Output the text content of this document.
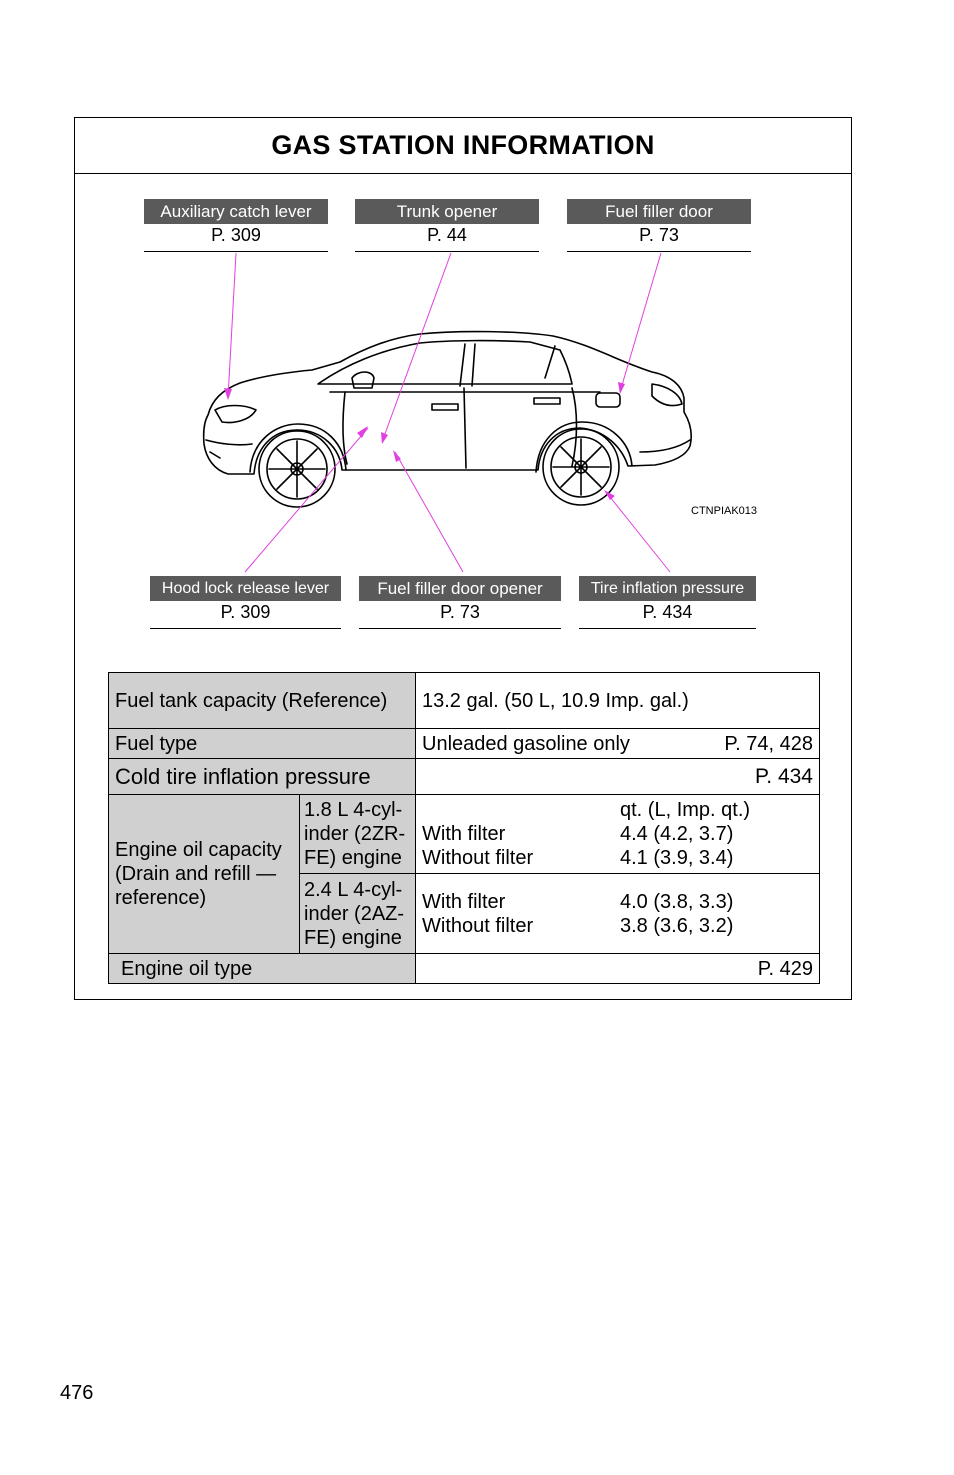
GAS STATION INFORMATION
Auxiliary catch lever
P. 309
Trunk opener
P. 44
Fuel filler door
P. 73
CTNPIAK013
Hood lock release lever
P. 309
Fuel filler door opener
P. 73
Tire inflation pressure
P. 434
Fuel tank capacity (Reference)		13.2 gal. (50 L, 10.9 Imp. gal.)
Fuel type		Unleaded gasoline only P. 74, 428

Cold tire inflation pressure		P. 434
Engine oil capacity (Drain and refill — reference)	1.8 L 4-cyl- inder (2ZR- FE) engine	qt. (L, Imp. qt.)
With filter 4.4 (4.2, 3.7)
Without filter 4.1 (3.9, 3.4)

	2.4 L 4-cyl- inder (2AZ- FE) engine	With filter 4.0 (3.8, 3.3)
Without filter 3.8 (3.6, 3.2)

Engine oil type		P. 429
476
